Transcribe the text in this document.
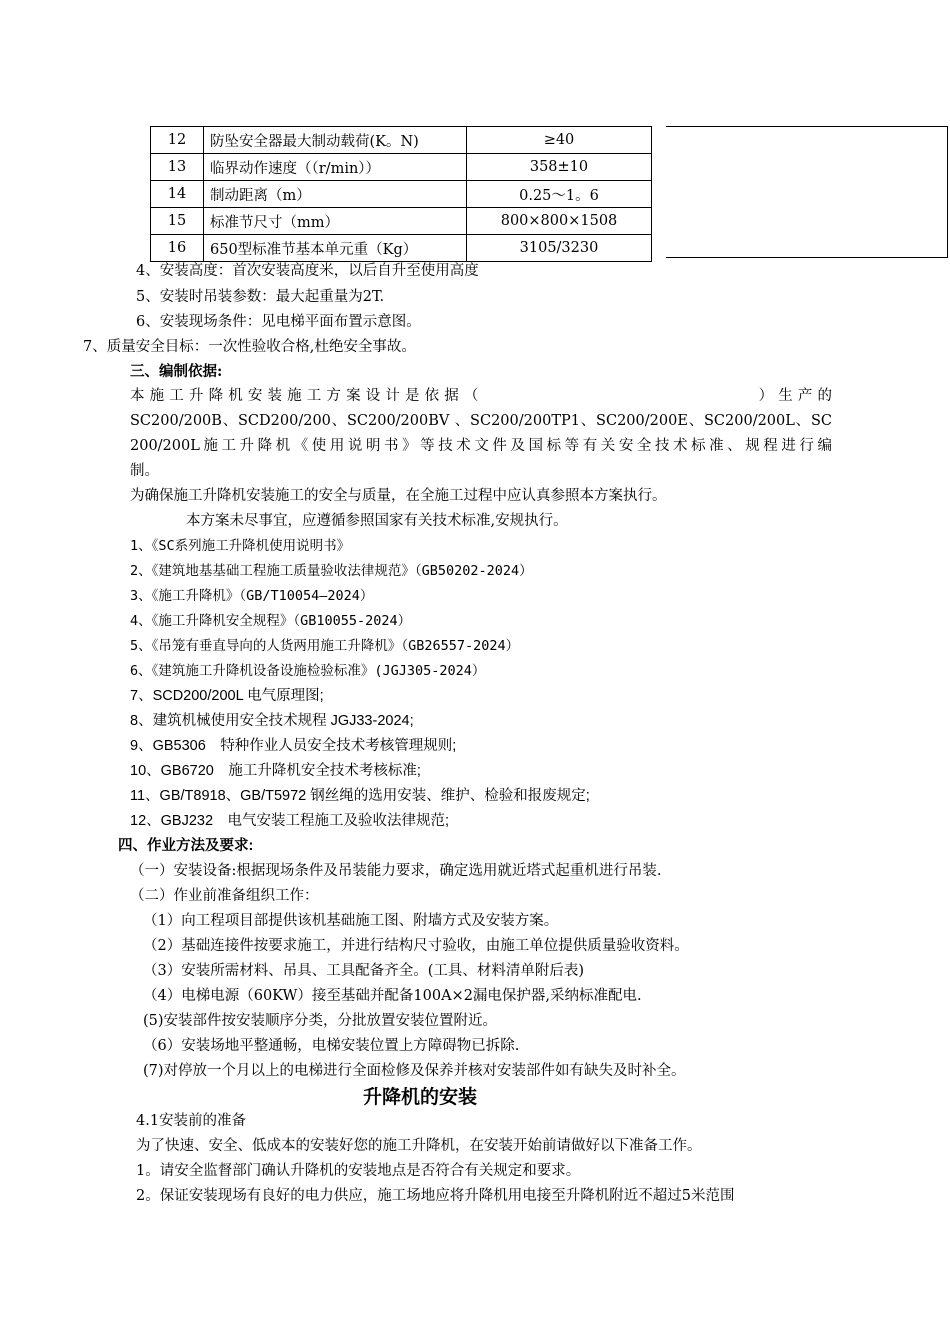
12	防坠安全器最大制动载荷(K。N)	≥40
13	临界动作速度（（r/min））	358±10
14	制动距离（m）	0.25～1。6
15	标准节尺寸（mm）	800×800×1508
16	650型标准节基本单元重（Kg）	3105/3230
4、安装高度：首次安装高度米，以后自升至使用高度
5、安装时吊装参数：最大起重量为2T.
6、安装现场条件：见电梯平面布置示意图。
7、质量安全目标：一次性验收合格,杜绝安全事故。
三、编制依据:
本施工升降机安装施工方案设计是依据（　　　　　　　　　　　　　　）生产的
SC200/200B、SCD200/200、SC200/200BV 、SC200/200TP1、SC200/200E、SC200/200L、SC
200/200L施工升降机《使用说明书》等技术文件及国标等有关安全技术标准、规程进行编
制。
为确保施工升降机安装施工的安全与质量，在全施工过程中应认真参照本方案执行。
本方案未尽事宜，应遵循参照国家有关技术标准,安规执行。
1、《SC系列施工升降机使用说明书》
2、《建筑地基基础工程施工质量验收法律规范》（GB50202-2024）
3、《施工升降机》（GB/T10054—2024）
4、《施工升降机安全规程》（GB10055-2024）
5、《吊笼有垂直导向的人货两用施工升降机》（GB26557-2024）
6、《建筑施工升降机设备设施检验标准》(JGJ305-2024）
7、SCD200/200L 电气原理图;
8、建筑机械使用安全技术规程 JGJ33-2024;
9、GB5306　特种作业人员安全技术考核管理规则;
10、GB6720　施工升降机安全技术考核标准;
11、GB/T8918、GB/T5972 钢丝绳的选用安装、维护、检验和报废规定;
12、GBJ232　电气安装工程施工及验收法律规范;
四、作业方法及要求:
（一）安装设备:根据现场条件及吊装能力要求，确定选用就近塔式起重机进行吊装.
（二）作业前准备组织工作：
（1）向工程项目部提供该机基础施工图、附墙方式及安装方案。
（2）基础连接件按要求施工，并进行结构尺寸验收，由施工单位提供质量验收资料。
（3）安装所需材料、吊具、工具配备齐全。(工具、材料清单附后表)
（4）电梯电源（60KW）接至基础并配备100A×2漏电保护器,采纳标准配电.
(5)安装部件按安装顺序分类，分批放置安装位置附近。
（6）安装场地平整通畅，电梯安装位置上方障碍物已拆除.
(7)对停放一个月以上的电梯进行全面检修及保养并核对安装部件如有缺失及时补全。
升降机的安装
4.1安装前的准备
为了快速、安全、低成本的安装好您的施工升降机，在安装开始前请做好以下准备工作。
1。请安全监督部门确认升降机的安装地点是否符合有关规定和要求。
2。保证安装现场有良好的电力供应，施工场地应将升降机用电接至升降机附近不超过5米范围
